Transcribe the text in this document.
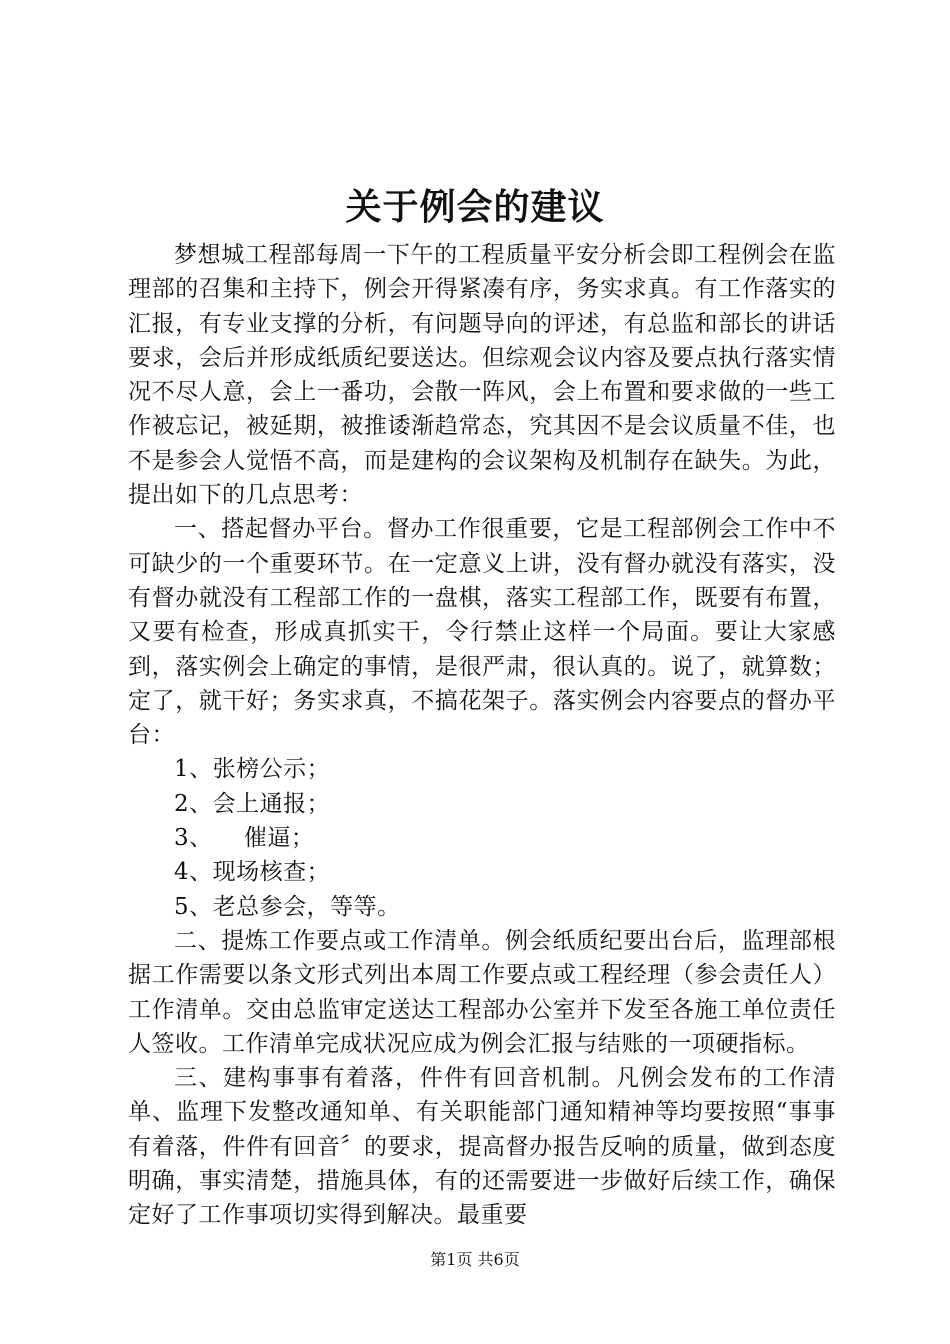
关于例会的建议

梦想城工程部每周一下午的工程质量平安分析会即工程例会在监理部的召集和主持下，例会开得紧凑有序，务实求真。有工作落实的汇报，有专业支撑的分析，有问题导向的评述，有总监和部长的讲话要求，会后并形成纸质纪要送达。但综观会议内容及要点执行落实情况不尽人意，会上一番功，会散一阵风，会上布置和要求做的一些工作被忘记，被延期，被推诿渐趋常态，究其因不是会议质量不佳，也不是参会人觉悟不高，而是建构的会议架构及机制存在缺失。为此，提出如下的几点思考：

一、搭起督办平台。督办工作很重要，它是工程部例会工作中不可缺少的一个重要环节。在一定意义上讲，没有督办就没有落实，没有督办就没有工程部工作的一盘棋，落实工程部工作，既要有布置，又要有检查，形成真抓实干，令行禁止这样一个局面。要让大家感到，落实例会上确定的事情，是很严肃，很认真的。说了，就算数；定了，就干好；务实求真，不搞花架子。落实例会内容要点的督办平台：

1、张榜公示；

2、会上通报；

3、    催逼；

4、现场核查；

5、老总参会，等等。

二、提炼工作要点或工作清单。例会纸质纪要出台后，监理部根据工作需要以条文形式列出本周工作要点或工程经理（参会责任人）工作清单。交由总监审定送达工程部办公室并下发至各施工单位责任人签收。工作清单完成状况应成为例会汇报与结账的一项硬指标。

三、建构事事有着落，件件有回音机制。凡例会发布的工作清单、监理下发整改通知单、有关职能部门通知精神等均要按照“事事有着落，件件有回音〞的要求，提高督办报告反响的质量，做到态度明确，事实清楚，措施具体，有的还需要进一步做好后续工作，确保定好了工作事项切实得到解决。最重要

第1页 共6页
